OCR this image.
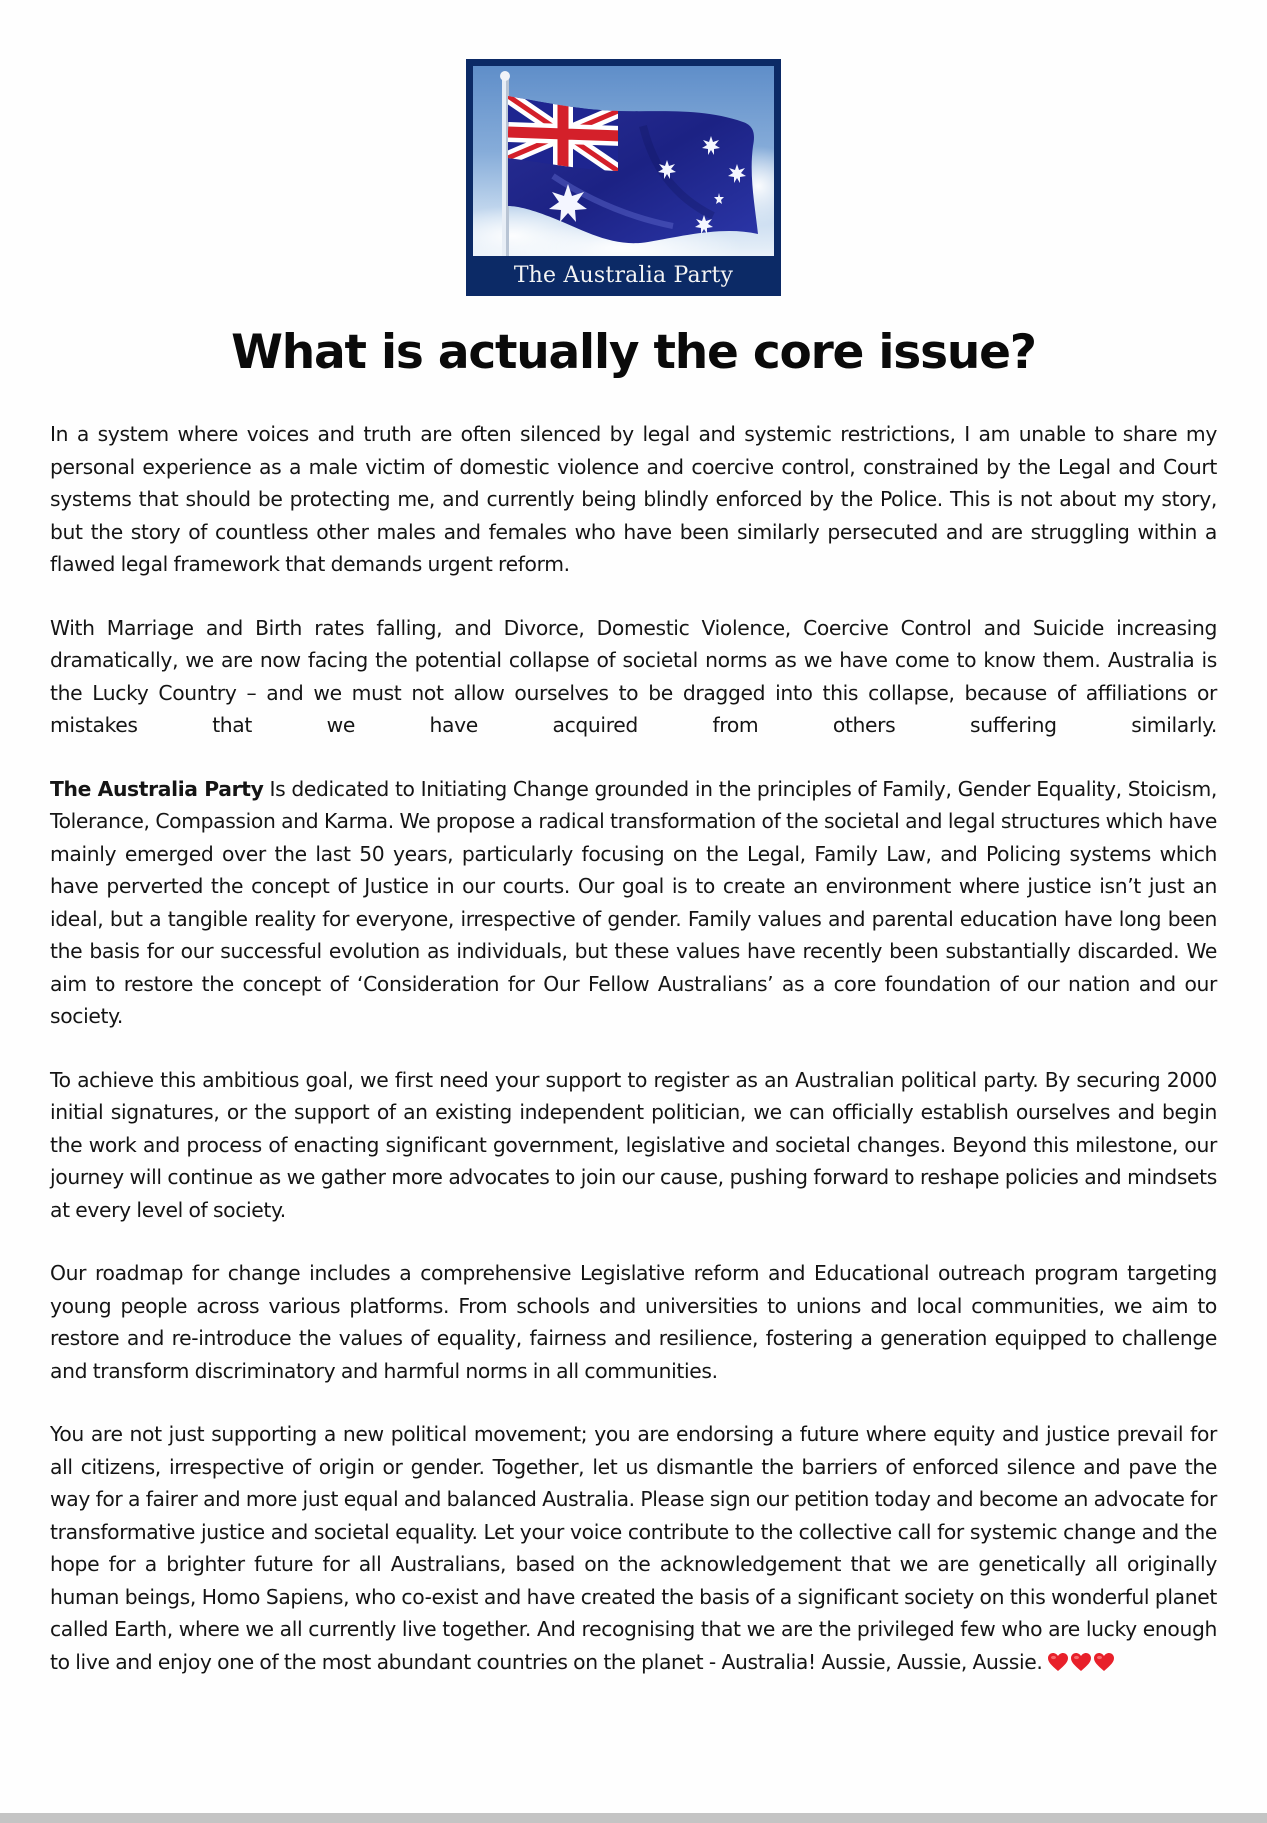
The Australia Party
What is actually the core issue?

In a system where voices and truth are often silenced by legal and systemic restrictions, I am unable to share my personal experience as a male victim of domestic violence and coercive control, constrained by the Legal and Court systems that should be protecting me, and currently being blindly enforced by the Police. This is not about my story, but the story of countless other males and females who have been similarly persecuted and are struggling within a flawed legal framework that demands urgent reform.

With Marriage and Birth rates falling, and Divorce, Domestic Violence, Coercive Control and Suicide increasing dramatically, we are now facing the potential collapse of societal norms as we have come to know them. Australia is the Lucky Country – and we must not allow ourselves to be dragged into this collapse, because of affiliations or mistakes that we have acquired from others suffering similarly.

The Australia Party Is dedicated to Initiating Change grounded in the principles of Family, Gender Equality, Stoicism, Tolerance, Compassion and Karma. We propose a radical transformation of the societal and legal structures which have mainly emerged over the last 50 years, particularly focusing on the Legal, Family Law, and Policing systems which have perverted the concept of Justice in our courts. Our goal is to create an environment where justice isn’t just an ideal, but a tangible reality for everyone, irrespective of gender. Family values and parental education have long been the basis for our successful evolution as individuals, but these values have recently been substantially discarded. We aim to restore the concept of ‘Consideration for Our Fellow Australians’ as a core foundation of our nation and our society.

To achieve this ambitious goal, we first need your support to register as an Australian political party. By securing 2000 initial signatures, or the support of an existing independent politician, we can officially establish ourselves and begin the work and process of enacting significant government, legislative and societal changes. Beyond this milestone, our journey will continue as we gather more advocates to join our cause, pushing forward to reshape policies and mindsets at every level of society.

Our roadmap for change includes a comprehensive Legislative reform and Educational outreach program targeting young people across various platforms. From schools and universities to unions and local communities, we aim to restore and re-introduce the values of equality, fairness and resilience, fostering a generation equipped to challenge and transform discriminatory and harmful norms in all communities.

You are not just supporting a new political movement; you are endorsing a future where equity and justice prevail for all citizens, irrespective of origin or gender. Together, let us dismantle the barriers of enforced silence and pave the way for a fairer and more just equal and balanced Australia. Please sign our petition today and become an advocate for transformative justice and societal equality. Let your voice contribute to the collective call for systemic change and the hope for a brighter future for all Australians, based on the acknowledgement that we are genetically all originally human beings, Homo Sapiens, who co-exist and have created the basis of a significant society on this wonderful planet called Earth, where we all currently live together. And recognising that we are the privileged few who are lucky enough to live and enjoy one of the most abundant countries on the planet - Australia! Aussie, Aussie, Aussie.
